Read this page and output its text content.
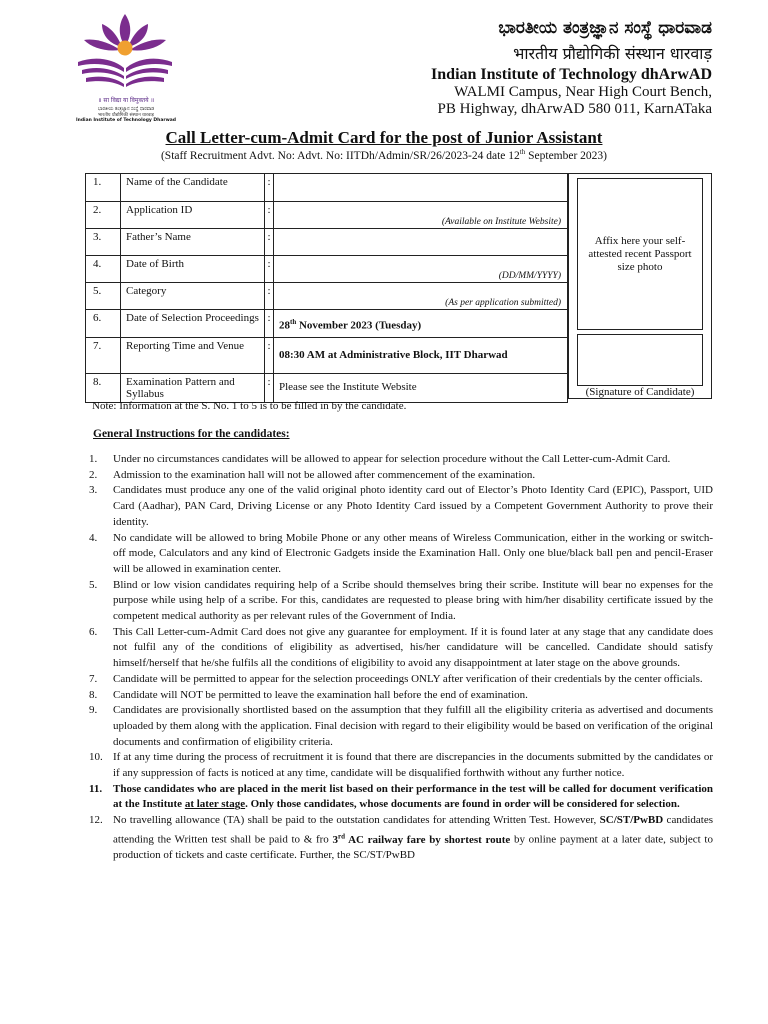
॥ सा विद्या या विमुक्तये ॥
ಭಾರತೀಯ ತಂತ್ರಜ್ಞಾನ ಸಂಸ್ಥೆ ಧಾರವಾಡ
भारतीय प्रौद्योगिकी संस्थान धारवाड़
Indian Institute of Technology Dharwad
ಭಾರತೀಯ ತಂತ್ರಜ್ಞಾನ ಸಂಸ್ಥೆ ಧಾರವಾಡ
भारतीय प्रौद्योगिकी संस्थान धारवाड़
Indian Institute of Technology dhArwAD
WALMI Campus, Near High Court Bench,
PB Highway, dhArwAD 580 011, KarnATaka
Call Letter-cum-Admit Card for the post of Junior Assistant
(Staff Recruitment Advt. No: Advt. No: IITDh/Admin/SR/26/2023-24 date 12th September 2023)
1.	Name of the Candidate	:	
2.	Application ID	:	(Available on Institute Website)

3.	Father’s Name	:	
4.	Date of Birth	:	(DD/MM/YYYY)

5.	Category	:	(As per application submitted)

6.	Date of Selection Proceedings	:	28th November 2023 (Tuesday)

7.	Reporting Time and Venue	:	08:30 AM at Administrative Block, IIT Dharwad

8.	Examination Pattern and Syllabus	:	Please see the Institute Website
Affix here your self-attested recent Passport size photo
(Signature of Candidate)
Note: Information at the S. No. 1 to 5 is to be filled in by the candidate.
General Instructions for the candidates:
1. Under no circumstances candidates will be allowed to appear for selection procedure without the Call Letter-cum-Admit Card.
2. Admission to the examination hall will not be allowed after commencement of the examination.
3. Candidates must produce any one of the valid original photo identity card out of Elector’s Photo Identity Card (EPIC), Passport, UID Card (Aadhar), PAN Card, Driving License or any Photo Identity Card issued by a Competent Government Authority to prove their identity.
4. No candidate will be allowed to bring Mobile Phone or any other means of Wireless Communication, either in the working or switch-off mode, Calculators and any kind of Electronic Gadgets inside the Examination Hall. Only one blue/black ball pen and pencil-Eraser will be allowed in examination center.
5. Blind or low vision candidates requiring help of a Scribe should themselves bring their scribe. Institute will bear no expenses for the purpose while using help of a scribe. For this, candidates are requested to please bring with him/her disability certificate issued by the competent medical authority as per relevant rules of the Government of India.
6. This Call Letter-cum-Admit Card does not give any guarantee for employment. If it is found later at any stage that any candidate does not fulfil any of the conditions of eligibility as advertised, his/her candidature will be cancelled. Candidate should satisfy himself/herself that he/she fulfils all the conditions of eligibility to avoid any disappointment at later stage on the above grounds.
7. Candidate will be permitted to appear for the selection proceedings ONLY after verification of their credentials by the center officials.
8. Candidate will NOT be permitted to leave the examination hall before the end of examination.
9. Candidates are provisionally shortlisted based on the assumption that they fulfill all the eligibility criteria as advertised and documents uploaded by them along with the application. Final decision with regard to their eligibility would be based on verification of the original documents and confirmation of eligibility criteria.
10. If at any time during the process of recruitment it is found that there are discrepancies in the documents submitted by the candidates or if any suppression of facts is noticed at any time, candidate will be disqualified forthwith without any further notice.
11. Those candidates who are placed in the merit list based on their performance in the test will be called for document verification at the Institute at later stage. Only those candidates, whose documents are found in order will be considered for selection.
12. No travelling allowance (TA) shall be paid to the outstation candidates for attending Written Test. However, SC/ST/PwBD candidates attending the Written test shall be paid to & fro 3rd AC railway fare by shortest route by online payment at a later date, subject to production of tickets and caste certificate. Further, the SC/ST/PwBD
